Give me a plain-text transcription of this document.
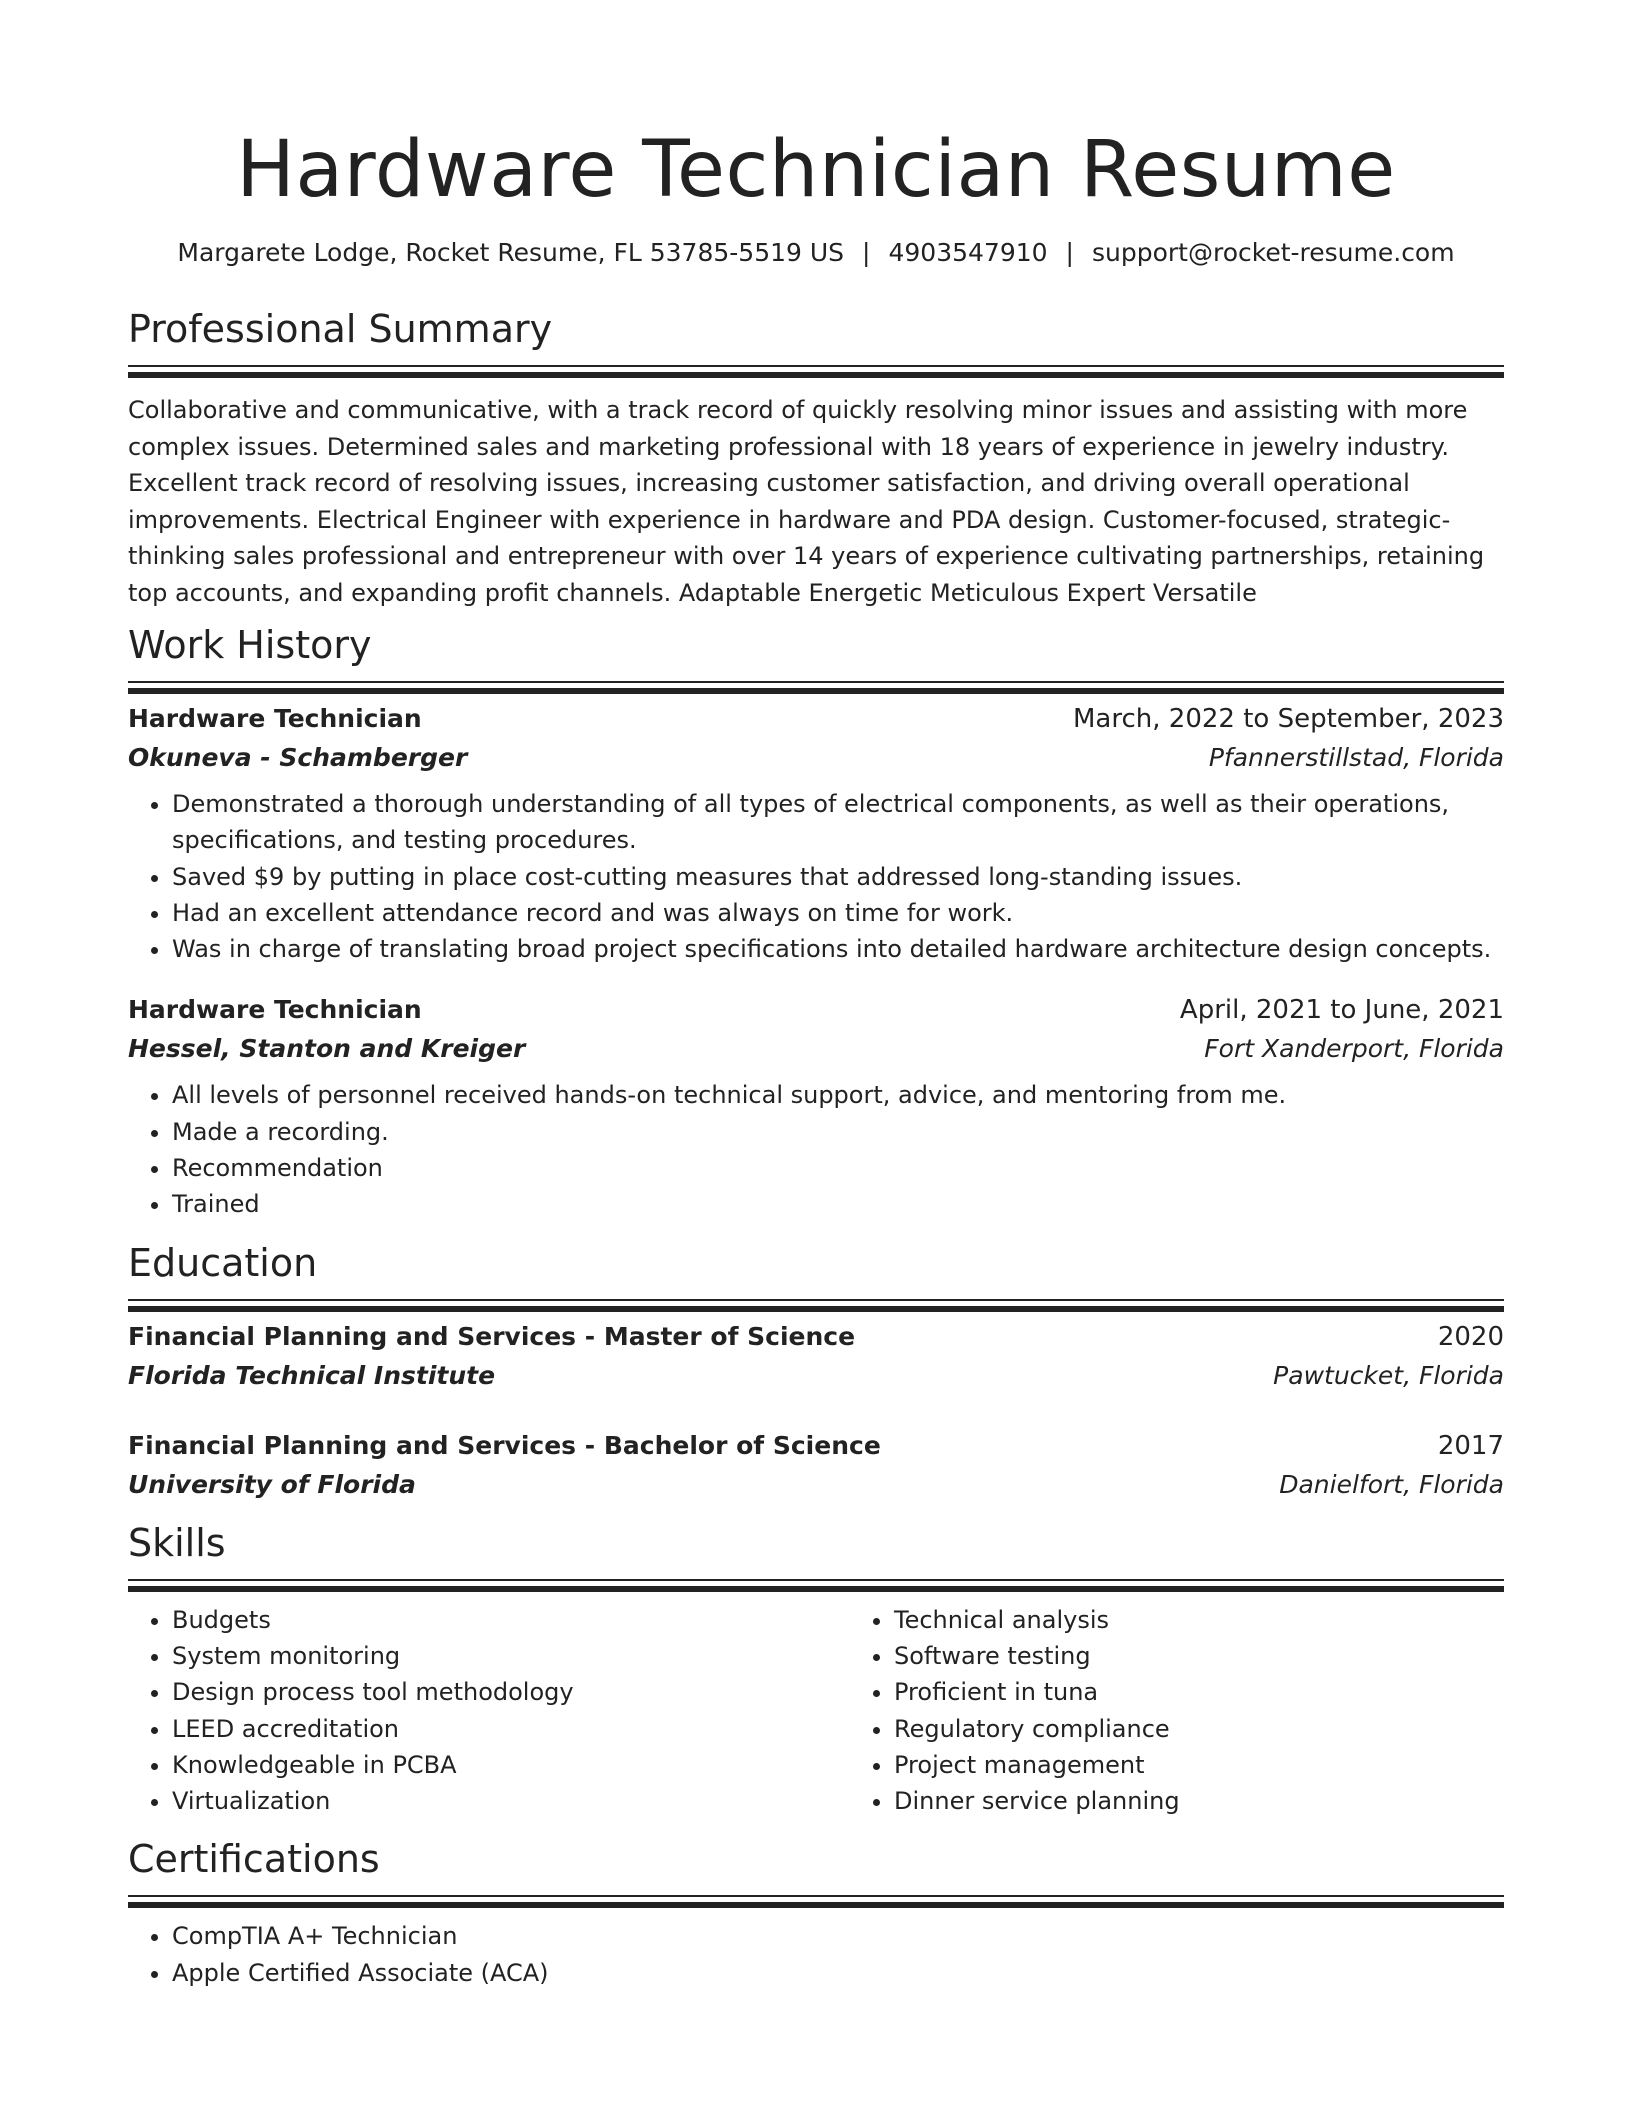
Hardware Technician Resume
Margarete Lodge, Rocket Resume, FL 53785-5519 US | 4903547910 | support@rocket-resume.com
Professional Summary

Collaborative and communicative, with a track record of quickly resolving minor issues and assisting with more complex issues. Determined sales and marketing professional with 18 years of experience in jewelry industry. Excellent track record of resolving issues, increasing customer satisfaction, and driving overall operational improvements. Electrical Engineer with experience in hardware and PDA design. Customer-focused, strategic-thinking sales professional and entrepreneur with over 14 years of experience cultivating partnerships, retaining top accounts, and expanding profit channels. Adaptable Energetic Meticulous Expert Versatile

Work History
Hardware Technician	March, 2022 to September, 2023
Okuneva - Schamberger	Pfannerstillstad, Florida
• Demonstrated a thorough understanding of all types of electrical components, as well as their operations, specifications, and testing procedures.
• Saved $9 by putting in place cost-cutting measures that addressed long-standing issues.
• Had an excellent attendance record and was always on time for work.
• Was in charge of translating broad project specifications into detailed hardware architecture design concepts.
Hardware Technician	April, 2021 to June, 2021
Hessel, Stanton and Kreiger	Fort Xanderport, Florida
• All levels of personnel received hands-on technical support, advice, and mentoring from me.
• Made a recording.
• Recommendation
• Trained
Education
Financial Planning and Services - Master of Science	2020
Florida Technical Institute	Pawtucket, Florida
Financial Planning and Services - Bachelor of Science	2017
University of Florida	Danielfort, Florida
Skills
• Budgets
• System monitoring
• Design process tool methodology
• LEED accreditation
• Knowledgeable in PCBA
• Virtualization
• Technical analysis
• Software testing
• Proficient in tuna
• Regulatory compliance
• Project management
• Dinner service planning
Certifications
• CompTIA A+ Technician
• Apple Certified Associate (ACA)
